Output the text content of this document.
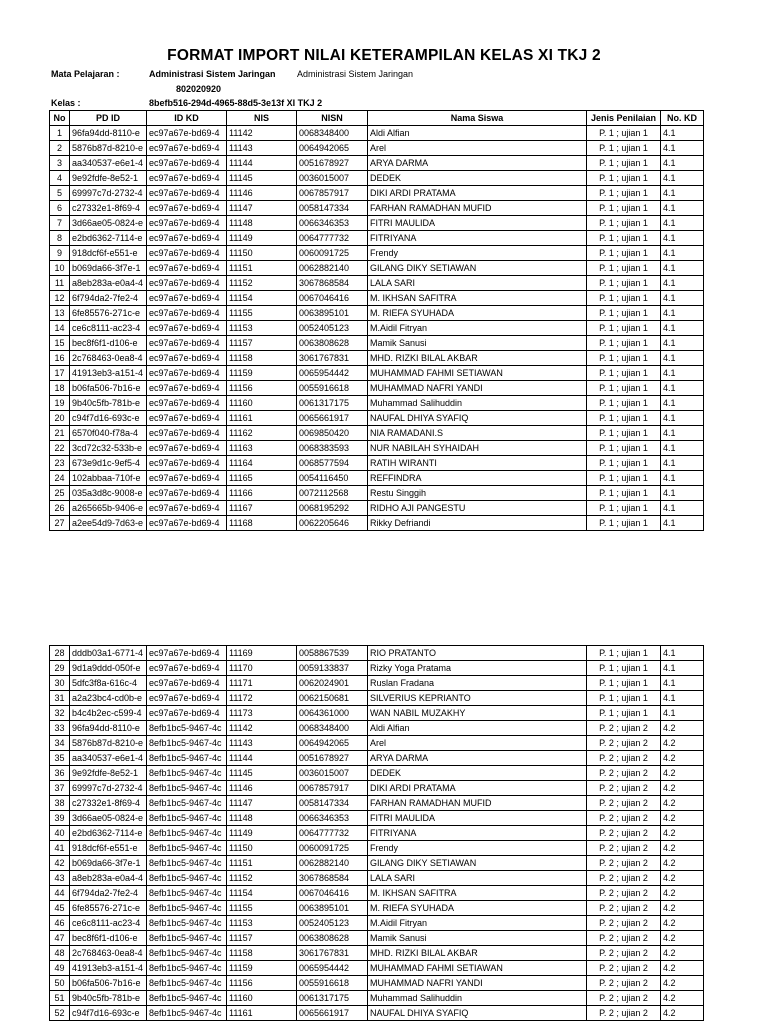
FORMAT IMPORT NILAI KETERAMPILAN KELAS XI TKJ 2
Mata Pelajaran :	Administrasi Sistem Jaringan Administrasi Sistem Jaringan
802020920
Kelas :	8befb516-294d-4965-88d5-3e13f XI TKJ 2
No	PD ID	ID KD	NIS	NISN	Nama Siswa	Jenis Penilaian	No. KD
1	96fa94dd-8110-e	ec97a67e-bd69-4	11142	0068348400	Aldi Alfian	P. 1 ; ujian 1	4.1
2	5876b87d-8210-e	ec97a67e-bd69-4	11143	0064942065	Arel	P. 1 ; ujian 1	4.1
3	aa340537-e6e1-4	ec97a67e-bd69-4	11144	0051678927	ARYA DARMA	P. 1 ; ujian 1	4.1
4	9e92fdfe-8e52-1	ec97a67e-bd69-4	11145	0036015007	DEDEK	P. 1 ; ujian 1	4.1
5	69997c7d-2732-4	ec97a67e-bd69-4	11146	0067857917	DIKI ARDI PRATAMA	P. 1 ; ujian 1	4.1
6	c27332e1-8f69-4	ec97a67e-bd69-4	11147	0058147334	FARHAN RAMADHAN MUFID	P. 1 ; ujian 1	4.1
7	3d66ae05-0824-e	ec97a67e-bd69-4	11148	0066346353	FITRI MAULIDA	P. 1 ; ujian 1	4.1
8	e2bd6362-7114-e	ec97a67e-bd69-4	11149	0064777732	FITRIYANA	P. 1 ; ujian 1	4.1
9	918dcf6f-e551-e	ec97a67e-bd69-4	11150	0060091725	Frendy	P. 1 ; ujian 1	4.1
10	b069da66-3f7e-1	ec97a67e-bd69-4	11151	0062882140	GILANG DIKY SETIAWAN	P. 1 ; ujian 1	4.1
11	a8eb283a-e0a4-4	ec97a67e-bd69-4	11152	3067868584	LALA SARI	P. 1 ; ujian 1	4.1
12	6f794da2-7fe2-4	ec97a67e-bd69-4	11154	0067046416	M. IKHSAN SAFITRA	P. 1 ; ujian 1	4.1
13	6fe85576-271c-e	ec97a67e-bd69-4	11155	0063895101	M. RIEFA SYUHADA	P. 1 ; ujian 1	4.1
14	ce6c8111-ac23-4	ec97a67e-bd69-4	11153	0052405123	M.Aidil Fitryan	P. 1 ; ujian 1	4.1
15	bec8f6f1-d106-e	ec97a67e-bd69-4	11157	0063808628	Mamik Sanusi	P. 1 ; ujian 1	4.1
16	2c768463-0ea8-4	ec97a67e-bd69-4	11158	3061767831	MHD. RIZKI BILAL AKBAR	P. 1 ; ujian 1	4.1
17	41913eb3-a151-4	ec97a67e-bd69-4	11159	0065954442	MUHAMMAD FAHMI SETIAWAN	P. 1 ; ujian 1	4.1
18	b06fa506-7b16-e	ec97a67e-bd69-4	11156	0055916618	MUHAMMAD NAFRI YANDI	P. 1 ; ujian 1	4.1
19	9b40c5fb-781b-e	ec97a67e-bd69-4	11160	0061317175	Muhammad Salihuddin	P. 1 ; ujian 1	4.1
20	c94f7d16-693c-e	ec97a67e-bd69-4	11161	0065661917	NAUFAL DHIYA SYAFIQ	P. 1 ; ujian 1	4.1
21	6570f040-f78a-4	ec97a67e-bd69-4	11162	0069850420	NIA RAMADANI.S	P. 1 ; ujian 1	4.1
22	3cd72c32-533b-e	ec97a67e-bd69-4	11163	0068383593	NUR NABILAH SYHAIDAH	P. 1 ; ujian 1	4.1
23	673e9d1c-9ef5-4	ec97a67e-bd69-4	11164	0068577594	RATIH WIRANTI	P. 1 ; ujian 1	4.1
24	102abbaa-710f-e	ec97a67e-bd69-4	11165	0054116450	REFFINDRA	P. 1 ; ujian 1	4.1
25	035a3d8c-9008-e	ec97a67e-bd69-4	11166	0072112568	Restu Singgih	P. 1 ; ujian 1	4.1
26	a265665b-9406-e	ec97a67e-bd69-4	11167	0068195292	RIDHO AJI PANGESTU	P. 1 ; ujian 1	4.1
27	a2ee54d9-7d63-e	ec97a67e-bd69-4	11168	0062205646	Rikky Defriandi	P. 1 ; ujian 1	4.1
28	dddb03a1-6771-4	ec97a67e-bd69-4	11169	0058867539	RIO PRATANTO	P. 1 ; ujian 1	4.1
29	9d1a9ddd-050f-e	ec97a67e-bd69-4	11170	0059133837	Rizky Yoga Pratama	P. 1 ; ujian 1	4.1
30	5dfc3f8a-616c-4	ec97a67e-bd69-4	11171	0062024901	Ruslan Fradana	P. 1 ; ujian 1	4.1
31	a2a23bc4-cd0b-e	ec97a67e-bd69-4	11172	0062150681	SILVERIUS KEPRIANTO	P. 1 ; ujian 1	4.1
32	b4c4b2ec-c599-4	ec97a67e-bd69-4	11173	0064361000	WAN NABIL MUZAKHY	P. 1 ; ujian 1	4.1
33	96fa94dd-8110-e	8efb1bc5-9467-4c	11142	0068348400	Aldi Alfian	P. 2 ; ujian 2	4.2
34	5876b87d-8210-e	8efb1bc5-9467-4c	11143	0064942065	Arel	P. 2 ; ujian 2	4.2
35	aa340537-e6e1-4	8efb1bc5-9467-4c	11144	0051678927	ARYA DARMA	P. 2 ; ujian 2	4.2
36	9e92fdfe-8e52-1	8efb1bc5-9467-4c	11145	0036015007	DEDEK	P. 2 ; ujian 2	4.2
37	69997c7d-2732-4	8efb1bc5-9467-4c	11146	0067857917	DIKI ARDI PRATAMA	P. 2 ; ujian 2	4.2
38	c27332e1-8f69-4	8efb1bc5-9467-4c	11147	0058147334	FARHAN RAMADHAN MUFID	P. 2 ; ujian 2	4.2
39	3d66ae05-0824-e	8efb1bc5-9467-4c	11148	0066346353	FITRI MAULIDA	P. 2 ; ujian 2	4.2
40	e2bd6362-7114-e	8efb1bc5-9467-4c	11149	0064777732	FITRIYANA	P. 2 ; ujian 2	4.2
41	918dcf6f-e551-e	8efb1bc5-9467-4c	11150	0060091725	Frendy	P. 2 ; ujian 2	4.2
42	b069da66-3f7e-1	8efb1bc5-9467-4c	11151	0062882140	GILANG DIKY SETIAWAN	P. 2 ; ujian 2	4.2
43	a8eb283a-e0a4-4	8efb1bc5-9467-4c	11152	3067868584	LALA SARI	P. 2 ; ujian 2	4.2
44	6f794da2-7fe2-4	8efb1bc5-9467-4c	11154	0067046416	M. IKHSAN SAFITRA	P. 2 ; ujian 2	4.2
45	6fe85576-271c-e	8efb1bc5-9467-4c	11155	0063895101	M. RIEFA SYUHADA	P. 2 ; ujian 2	4.2
46	ce6c8111-ac23-4	8efb1bc5-9467-4c	11153	0052405123	M.Aidil Fitryan	P. 2 ; ujian 2	4.2
47	bec8f6f1-d106-e	8efb1bc5-9467-4c	11157	0063808628	Mamik Sanusi	P. 2 ; ujian 2	4.2
48	2c768463-0ea8-4	8efb1bc5-9467-4c	11158	3061767831	MHD. RIZKI BILAL AKBAR	P. 2 ; ujian 2	4.2
49	41913eb3-a151-4	8efb1bc5-9467-4c	11159	0065954442	MUHAMMAD FAHMI SETIAWAN	P. 2 ; ujian 2	4.2
50	b06fa506-7b16-e	8efb1bc5-9467-4c	11156	0055916618	MUHAMMAD NAFRI YANDI	P. 2 ; ujian 2	4.2
51	9b40c5fb-781b-e	8efb1bc5-9467-4c	11160	0061317175	Muhammad Salihuddin	P. 2 ; ujian 2	4.2
52	c94f7d16-693c-e	8efb1bc5-9467-4c	11161	0065661917	NAUFAL DHIYA SYAFIQ	P. 2 ; ujian 2	4.2
